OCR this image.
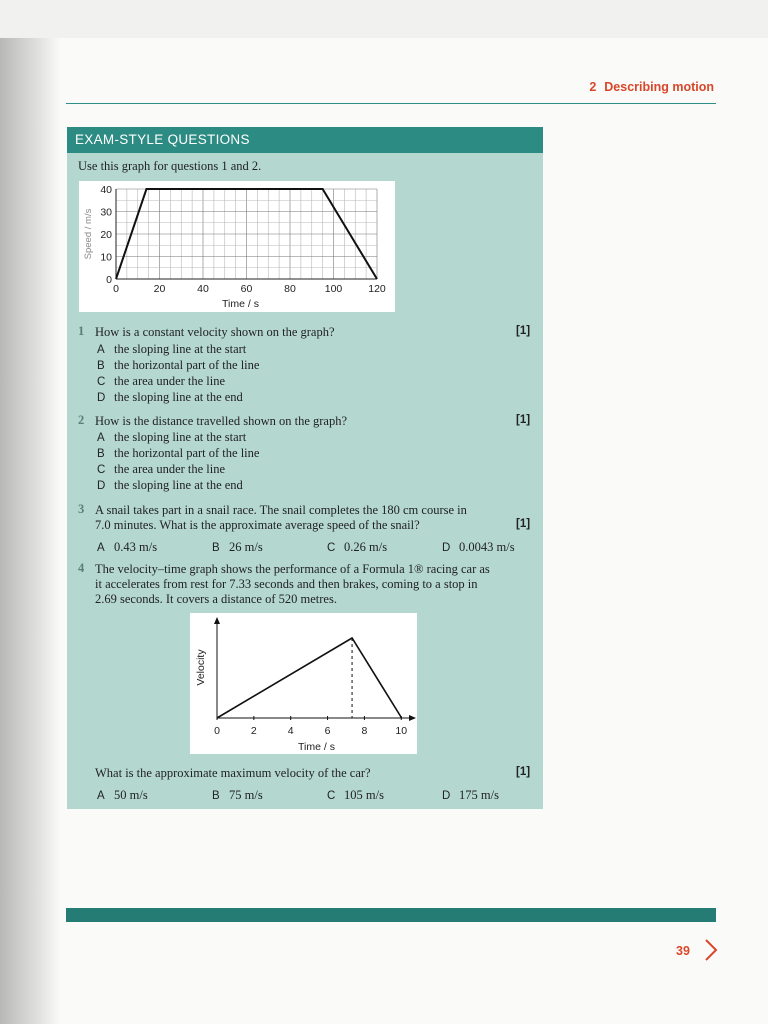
2 Describing motion
EXAM-STYLE QUESTIONS
Use this graph for questions 1 and 2.
0	20	40	60	80	100 120
0
10
20
30
40
Time / s
Speed / m/s
1 How is a constant velocity shown on the graph?	[1]
A the sloping line at the start
B the horizontal part of the line
C the area under the line
D the sloping line at the end
2 How is the distance travelled shown on the graph?	[1]
A the sloping line at the start
B the horizontal part of the line
C the area under the line
D the sloping line at the end
3 A snail takes part in a snail race. The snail completes the 180 cm course in
7.0 minutes. What is the approximate average speed of the snail?	[1]
A 0.43 m/s	B 26 m/s	C 0.26 m/s	D 0.0043 m/s
4 The velocity–time graph shows the performance of a Formula 1® racing car as
it accelerates from rest for 7.33 seconds and then brakes, coming to a stop in
2.69 seconds. It covers a distance of 520 metres.
0	2	4	6	8	10
Time / s
Velocity
What is the approximate maximum velocity of the car?	[1]
A 50 m/s	B 75 m/s	C 105 m/s	D 175 m/s
39
